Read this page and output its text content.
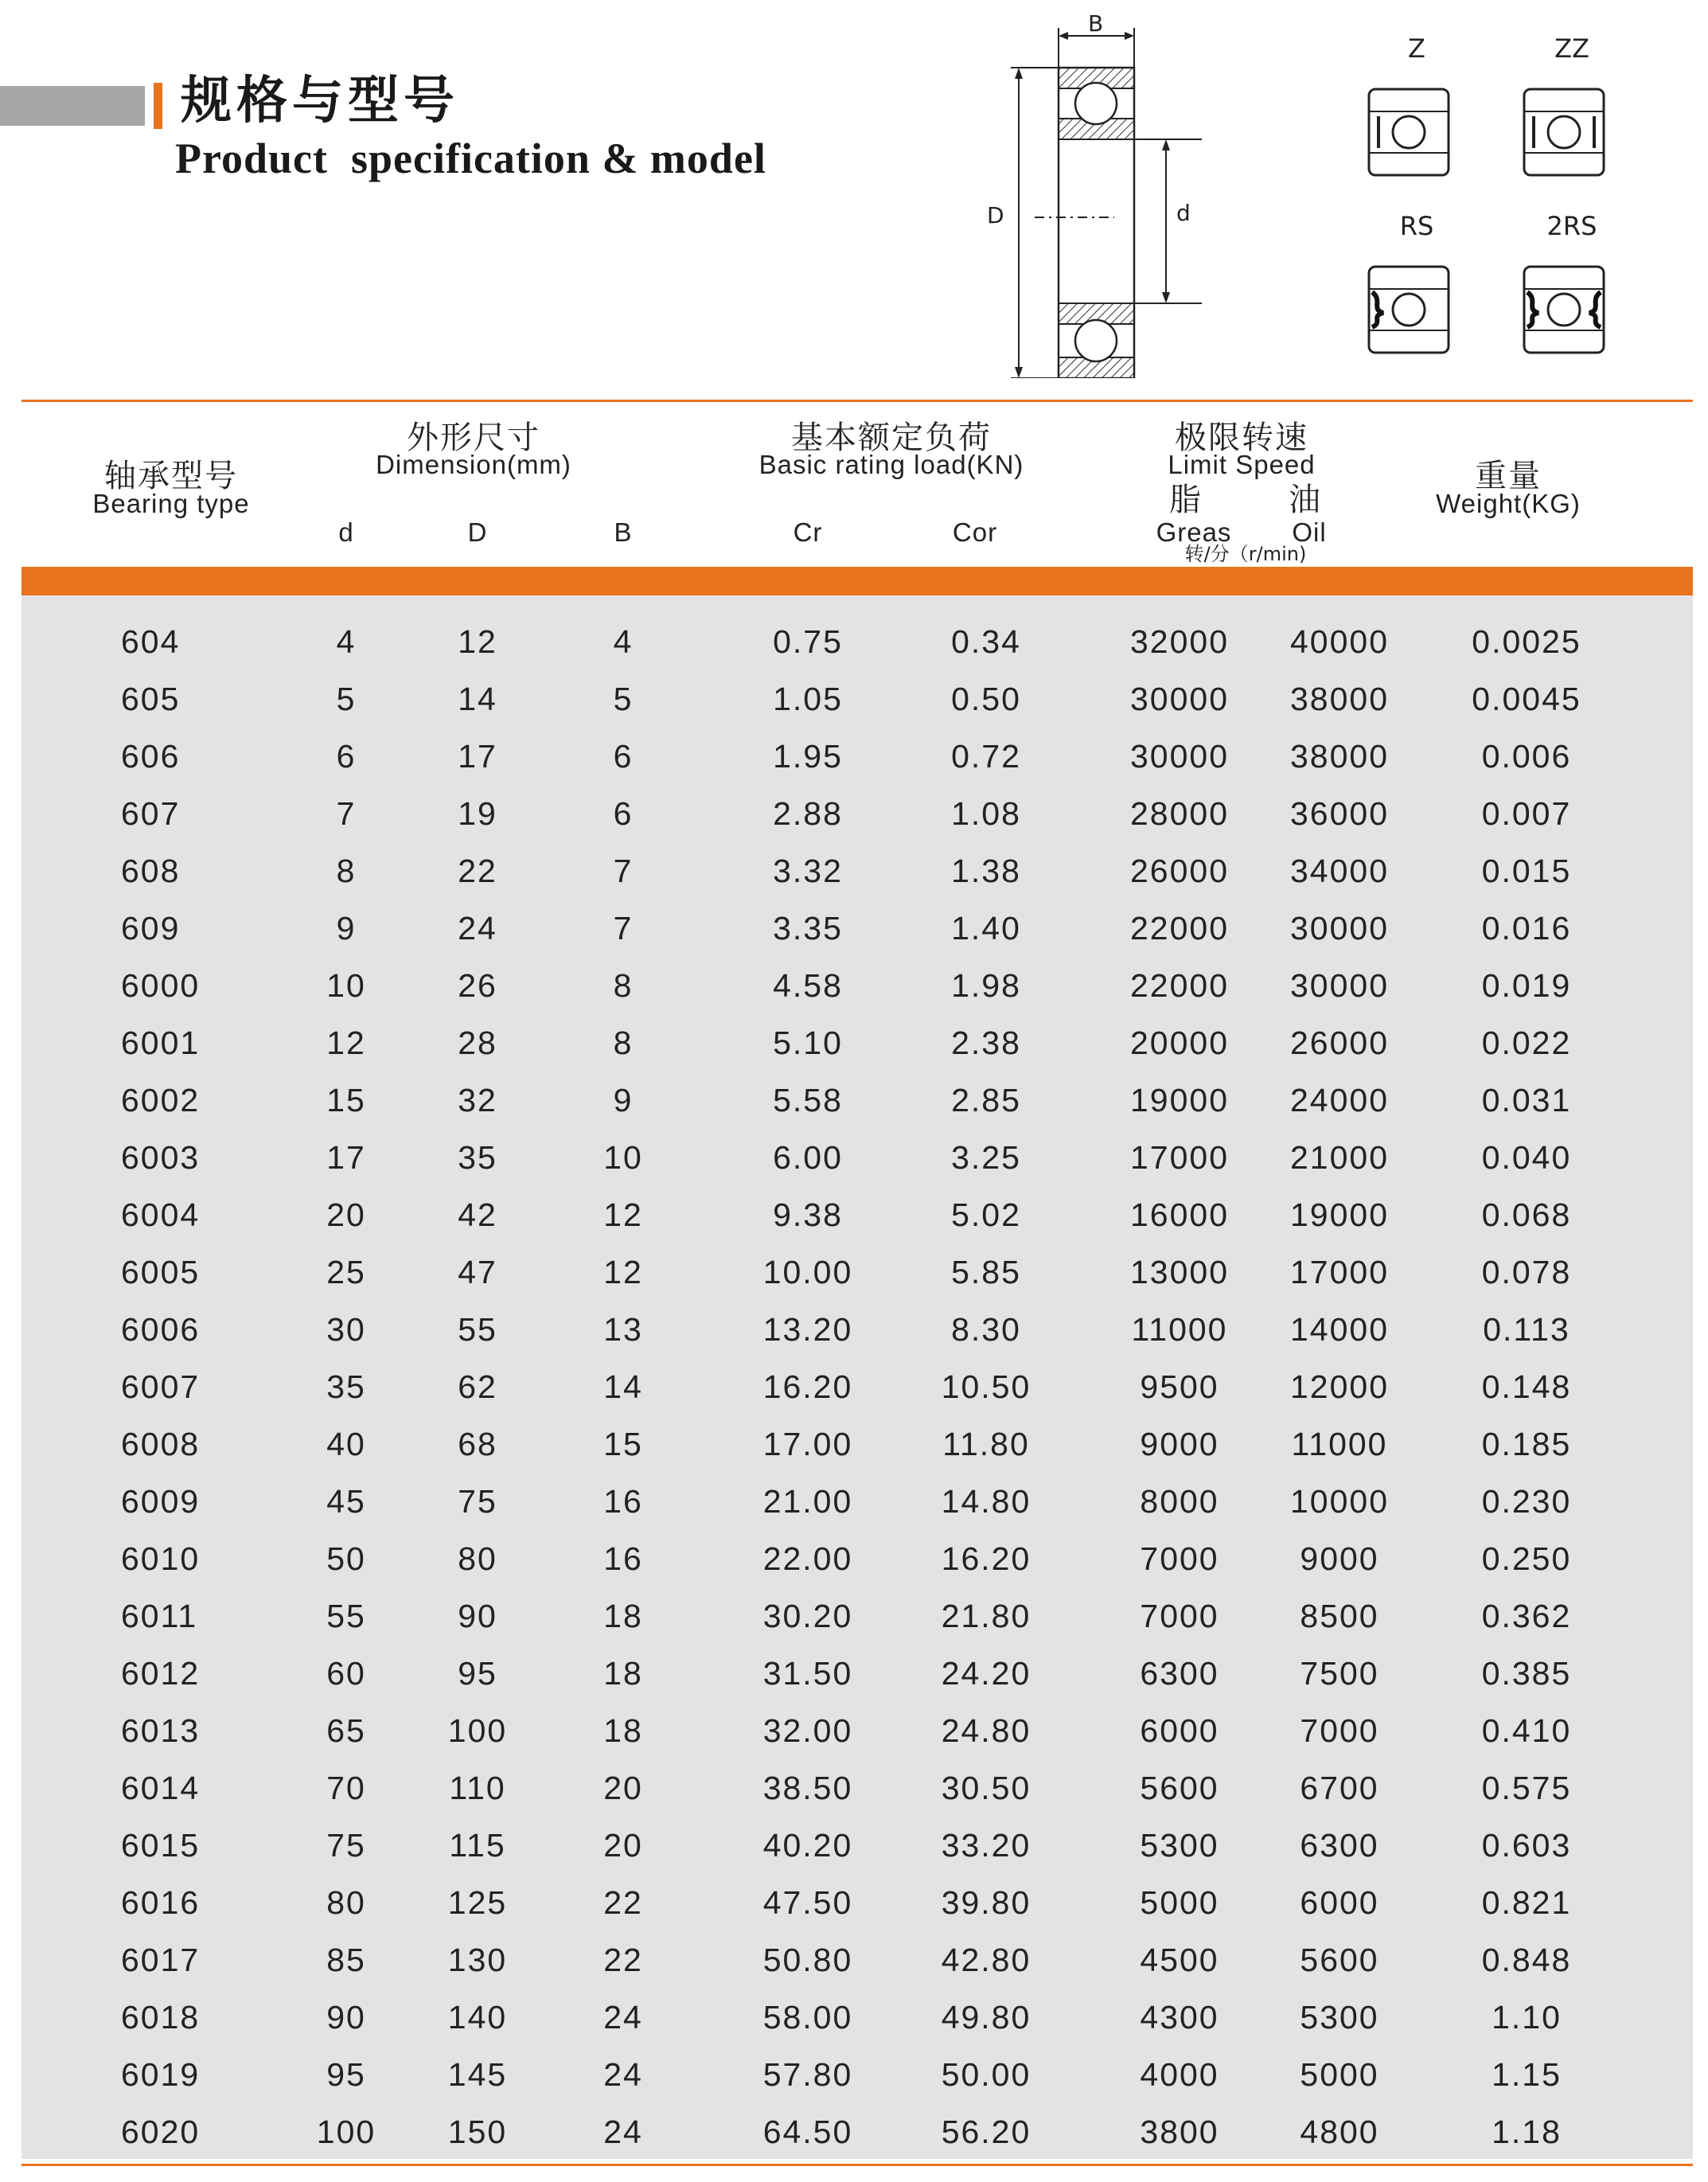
规格与型号
Product  specification & model
B
D	d
Z	ZZ
RS	2RS
轴承型号
Bearing type
外形尺寸
Dimension(mm)
d	D	B
基本额定负荷
Basic rating load(KN)
Cr	Cor
极限转速
Limit Speed
脂	油
Greas	Oil
转/分（r/min)
重量
Weight(KG)
604	4	12	4	0.75	0.34	32000	40000	0.0025
605	5	14	5	1.05	0.50	30000	38000	0.0045
606	6	17	6	1.95	0.72	30000	38000	0.006
607	7	19	6	2.88	1.08	28000	36000	0.007
608	8	22	7	3.32	1.38	26000	34000	0.015
609	9	24	7	3.35	1.40	22000	30000	0.016
6000	10	26	8	4.58	1.98	22000	30000	0.019
6001	12	28	8	5.10	2.38	20000	26000	0.022
6002	15	32	9	5.58	2.85	19000	24000	0.031
6003	17	35	10	6.00	3.25	17000	21000	0.040
6004	20	42	12	9.38	5.02	16000	19000	0.068
6005	25	47	12	10.00	5.85	13000	17000	0.078
6006	30	55	13	13.20	8.30	11000	14000	0.113
6007	35	62	14	16.20	10.50	9500	12000	0.148
6008	40	68	15	17.00	11.80	9000	11000	0.185
6009	45	75	16	21.00	14.80	8000	10000	0.230
6010	50	80	16	22.00	16.20	7000	9000	0.250
6011	55	90	18	30.20	21.80	7000	8500	0.362
6012	60	95	18	31.50	24.20	6300	7500	0.385
6013	65	100	18	32.00	24.80	6000	7000	0.410
6014	70	110	20	38.50	30.50	5600	6700	0.575
6015	75	115	20	40.20	33.20	5300	6300	0.603
6016	80	125	22	47.50	39.80	5000	6000	0.821
6017	85	130	22	50.80	42.80	4500	5600	0.848
6018	90	140	24	58.00	49.80	4300	5300	1.10
6019	95	145	24	57.80	50.00	4000	5000	1.15
6020	100	150	24	64.50	56.20	3800	4800	1.18
